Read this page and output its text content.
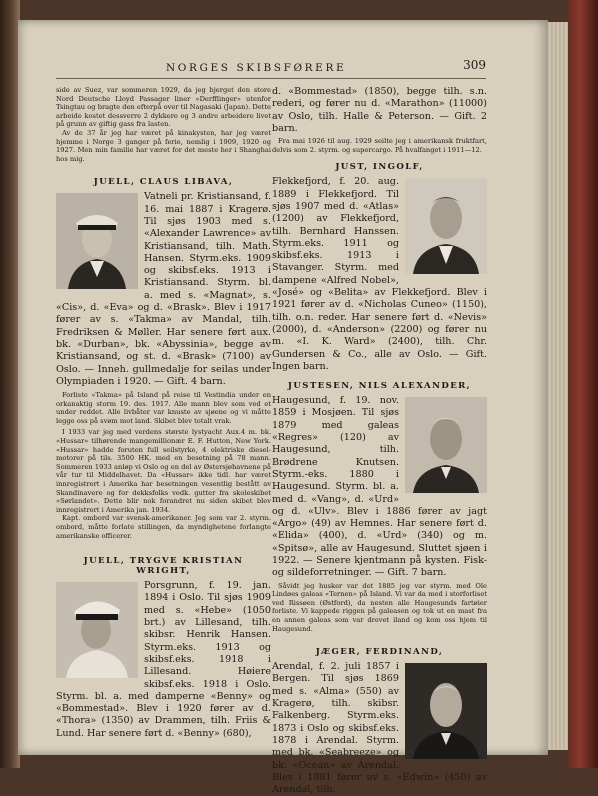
NORGES SKIBSFØRERE	309

side av Suez, var sommeren 1929, da jeg bjerget den store Nord Deutsche Lloyd Passager liner «Derfflinger» utenfor Tsingtau og bragte den efterpå over til Nagasaki (Japan). Dette arbeide kostet dessverre 2 dykkere og 3 andre arbeidere livet på grunn av giftig gass fra lasten.

Av de 37 år jeg har været på kinakysten, har jeg været hjemme i Norge 3 ganger på ferie, nemlig i 1909, 1920 og 1927. Men min familie har været for det meste her i Shanghai hos mig.

JUELL, CLAUS LIBAVA,

Vatneli pr. Kristiansand, f. 16. mai 1887 i Kragerø. Til sjøs 1903 med s. «Alexander Lawrence» av Kristiansand, tilh. Math. Hansen. Styrm.eks. 1909 og skibsf.eks. 1913 i Kristiansand. Styrm. bl. a. med s. «Magnat», s. «Cis», d. «Eva» og d. «Brask». Blev i 1917 fører av s. «Takma» av Mandal, tilh. Fredriksen & Møller. Har senere ført aux. bk. «Durban», bk. «Abyssinia», begge av Kristiansand, og st. d. «Brask» (7100) av Oslo. — Inneh. gullmedalje for seilas under Olympiaden i 1920. — Gift. 4 barn.

Forliste «Takma» på Island på reise til Vestindia under en orkanaktig storm 19. des. 1917. Alle mann blev som ved et under reddet. Alle livbåter var knuste av sjøene og vi måtte legge oss på svøm mot land. Skibet blev totalt vrak.

I 1933 var jeg med verdens største lystyacht Aux.4 m. bk. «Hussar» tilhørende mangemillionær E. F. Hutton, New York. «Hussar» hadde foruten full seilstyrke, 4 elektriske diesel-motorer på tils. 3500 HK. med en besetning på 78 mann. Sommeren 1933 anløp vi Oslo og en del av Østersjøhavnene på vår tur til Middelhavet. Da «Hussar» ikke tidl. har været innregistrert i Amerika har besetningen vesentlig bestått av Skandinavere og for dekksfolks vedk. gutter fra skoleskibet «Sørlandet». Dette blir nok forandret nu siden skibet blev innregistrert i Amerika jan. 1934.

Kapt. ombord var svensk-amerikaner. Jeg som var 2. styrm. ombord, måtte forlate stillingen, da myndighetene forlangte amerikanske officerer.

JUELL, TRYGVE KRISTIAN WRIGHT,

Porsgrunn, f. 19. jan. 1894 i Oslo. Til sjøs 1909 med s. «Hebe» (1050 brt.) av Lillesand, tilh. skibsr. Henrik Hansen. Styrm.eks. 1913 og skibsf.eks. 1918 i Lillesand. Høiere skibsf.eks. 1918 i Oslo. Styrm. bl. a. med damperne «Benny» og «Bommestad». Blev i 1920 fører av d. «Thora» (1350) av Drammen, tilh. Friis & Lund. Har senere ført d. «Benny» (680),

d. «Bommestad» (1850), begge tilh. s.n. rederi, og fører nu d. «Marathon» (11000) av Oslo, tilh. Halle & Peterson. — Gift. 2 barn.

Fra mai 1926 til aug. 1929 seilte jeg i amerikansk fruktfart, delvis som 2. styrm. og supercargo. På hvalfanget i 1911—12.

JUST, INGOLF,

Flekkefjord, f. 20. aug. 1889 i Flekkefjord. Til sjøs 1907 med d. «Atlas» (1200) av Flekkefjord, tilh. Bernhard Hanssen. Styrm.eks. 1911 og skibsf.eks. 1913 i Stavanger. Styrm. med dampene «Alfred Nobel», «José» og «Belita» av Flekkefjord. Blev i 1921 fører av d. «Nicholas Cuneo» (1150), tilh. o.n. reder. Har senere ført d. «Nevis» (2000), d. «Anderson» (2200) og fører nu m. «I. K. Ward» (2400), tilh. Chr. Gundersen & Co., alle av Oslo. — Gift. Ingen barn.

JUSTESEN, NILS ALEXANDER,

Haugesund, f. 19. nov. 1859 i Mosjøen. Til sjøs 1879 med galeas «Regres» (120) av Haugesund, tilh. Brødrene Knutsen. Styrm.-eks. 1880 i Haugesund. Styrm. bl. a. med d. «Vang», d. «Urd» og d. «Ulv». Blev i 1886 fører av jagt «Argo» (49) av Hemnes. Har senere ført d. «Elida» (400), d. «Urd» (340) og m. «Spitsø», alle av Haugesund. Sluttet sjøen i 1922. — Senere kjentmann på kysten. Fisk- og sildeforretninger. — Gift. 7 barn.

Såvidt jeg husker var det 1885 jeg var styrm. med Ole Lindøes galeas «Ternen» på Island. Vi var da med i storforliset ved Rissøen (Østford), da nesten alle Haugesunds fartøier forliste. Vi kappede riggen på galeasen og tok ut en mast fra en annen galeas som var drevet iland og kom oss hjem til Haugesund.

JÆGER, FERDINAND,

Arendal, f. 2. juli 1857 i Bergen. Til sjøs 1869 med s. «Alma» (550) av Kragerø, tilh. skibsr. Falkenberg. Styrm.eks. 1873 i Oslo og skibsf.eks. 1878 i Arendal. Styrm. med bk. «Seabreeze» og bk. «Ocean» av Arendal. Blev i 1881 fører av s. «Edwin» (450) av Arendal, tilh.
